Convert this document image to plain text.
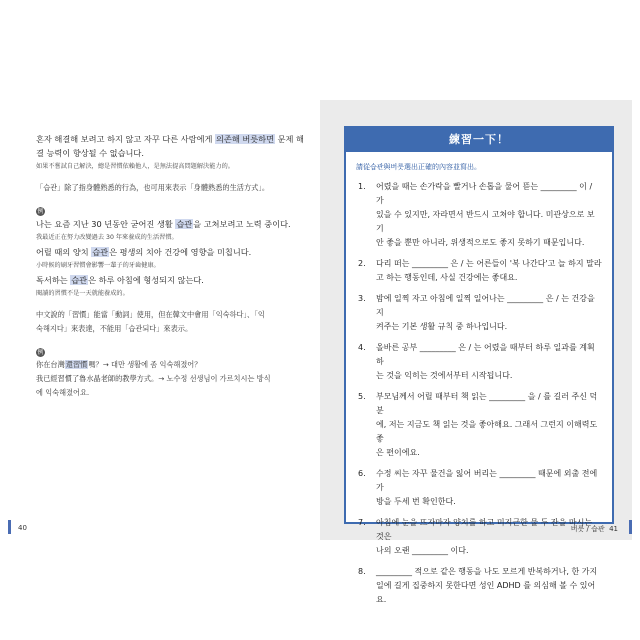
혼자 해결해 보려고 하지 않고 자꾸 다른 사람에게 의존해 버릇하면 문제 해결 능력이 향상될 수 없습니다.

如果不嘗試自己解決，總是習慣依賴他人，是無法提高問題解決能力的。

「습관」除了指身體熟悉的行為，也可用來表示「身體熟悉的生活方式」。

例

나는 요즘 지난 30 년동안 굳어진 생활 습관을 고쳐보려고 노력 중이다.

我最近正在努力改變過去 30 年來養成的生活習慣。

어릴 때의 양치 습관은 평생의 치아 건강에 영향을 미칩니다.

小時候的刷牙習慣會影響一輩子的牙齒健康。

독서하는 습관은 하루 아침에 형성되지 않는다.

閱讀的習慣不是一天就能養成的。

中文說的「習慣」能當「動詞」使用，但在韓文中會用「익숙하다」、「익

숙해지다」來表達，不能用「습관되다」來表示。

例

你在台灣還習慣嗎？→ 대만 생활에 좀 익숙해졌어？

我已經習慣了魯水晶老師的教學方式。→ 노수정 선생님이 가르치시는 방식

에 익숙해졌어요.

40
練習一下！
請從습관與버릇選出正確的內容並寫出。
1.	어렸을 때는 손가락을 빨거나 손톱을 물어 뜯는 _________ 이 / 가
있을 수 있지만, 자라면서 반드시 고쳐야 합니다. 미관상으로 보기
안 좋을 뿐만 아니라, 위생적으로도 좋지 못하기 때문입니다.
2.	다리 떠는 _________ 은 / 는 어른들이 '복 나간다'고 늘 하지 말라
고 하는 행동인데, 사실 건강에는 좋대요.
3.	밤에 일찍 자고 아침에 일찍 일어나는 _________ 은 / 는 건강을 지
켜주는 기본 생활 규칙 중 하나입니다.
4.	올바른 공부 _________ 은 / 는 어렸을 때부터 하루 일과를 계획하
는 것을 익히는 것에서부터 시작됩니다.
5.	부모님께서 어릴 때부터 책 읽는 _________ 을 / 를 길러 주신 덕분
에, 저는 지금도 책 읽는 것을 좋아해요. 그래서 그런지 이해력도 좋
은 편이에요.
6.	수정 씨는 자꾸 물건을 잃어 버리는 _________ 때문에 외출 전에 가
방을 두세 번 확인한다.
7.	아침에 눈을 뜨자마자 양치를 하고 미지근한 물 두 잔을 마시는 것은
나의 오랜 _________ 이다.
8.	_________ 적으로 같은 행동을 나도 모르게 반복하거나, 한 가지
일에 길게 집중하지 못한다면 성인 ADHD 를 의심해 볼 수 있어요.
버릇 / 습관 41
